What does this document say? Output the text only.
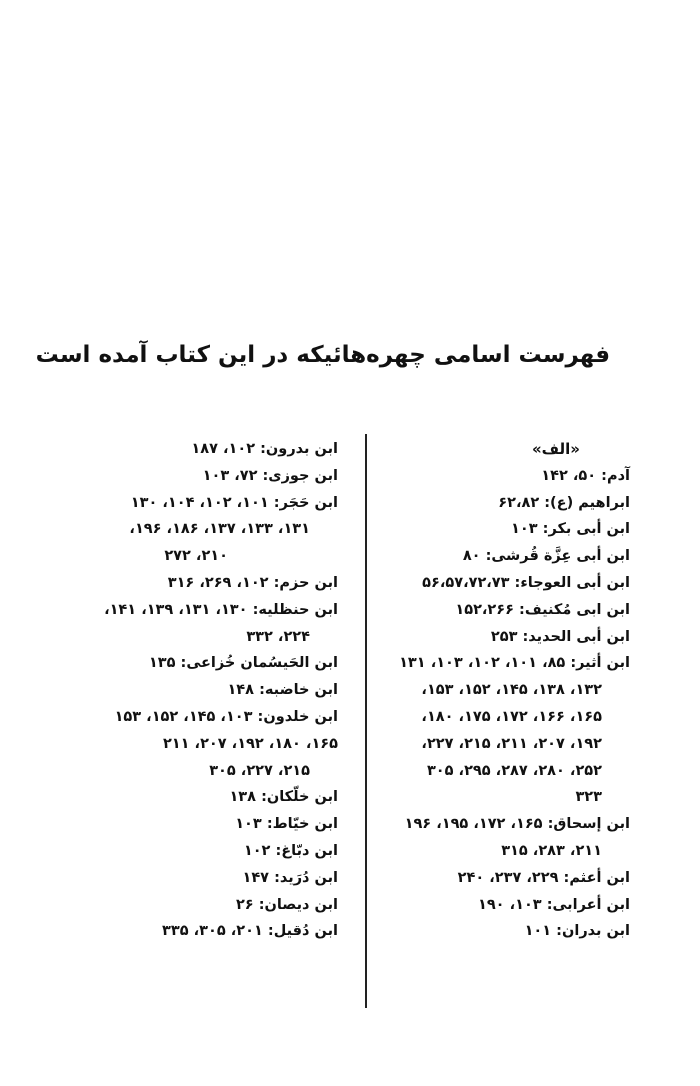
فهرست اسامی چهره‌هائیکه در این کتاب آمده است
«الف»
آدم: ۵۰، ۱۴۲
ابراهیم (ع): ۶۲،۸۲
ابن أبی بکر: ۱۰۳
ابن أبی عِزَّة قُرشی: ۸۰
ابن أبی العوجاء: ۵۶،۵۷،۷۲،۷۳
ابن ابی مُکنیف: ۱۵۲،۲۶۶
ابن أبی الحدید: ۲۵۳
ابن أثیر: ۸۵، ۱۰۱، ۱۰۲، ۱۰۳، ۱۳۱
۱۳۲، ۱۳۸، ۱۴۵، ۱۵۲، ۱۵۳،
۱۶۵، ۱۶۶، ۱۷۲، ۱۷۵، ۱۸۰،
۱۹۲، ۲۰۷، ۲۱۱، ۲۱۵، ۲۲۷،
۲۵۲، ۲۸۰، ۲۸۷، ۲۹۵، ۳۰۵
۳۲۳
ابن إسحاق: ۱۶۵، ۱۷۲، ۱۹۵، ۱۹۶
۲۱۱، ۲۸۳، ۳۱۵
ابن أعثم: ۲۲۹، ۲۳۷، ۲۴۰
ابن أعرابی: ۱۰۳، ۱۹۰
ابن بدران: ۱۰۱
ابن بدرون: ۱۰۲، ۱۸۷
ابن جوزی: ۷۲، ۱۰۳
ابن حَجَر: ۱۰۱، ۱۰۲، ۱۰۴، ۱۳۰
۱۳۱، ۱۳۳، ۱۳۷، ۱۸۶، ۱۹۶،
۲۱۰، ۲۷۲
ابن حزم: ۱۰۲، ۲۶۹، ۳۱۶
ابن حنظلیه: ۱۳۰، ۱۳۱، ۱۳۹، ۱۴۱،
۲۲۴، ۳۳۲
ابن الحَیسُمان خُزاعی: ۱۳۵
ابن خاضبه: ۱۴۸
ابن خلدون: ۱۰۳، ۱۴۵، ۱۵۲، ۱۵۳
۱۶۵، ۱۸۰، ۱۹۲، ۲۰۷، ۲۱۱
۲۱۵، ۲۲۷، ۳۰۵
ابن خلّکان: ۱۳۸
ابن خیّاط: ۱۰۳
ابن دبّاغ: ۱۰۲
ابن دُرَید: ۱۴۷
ابن دیصان: ۲۶
ابن دُقیل: ۲۰۱، ۳۰۵، ۳۳۵
